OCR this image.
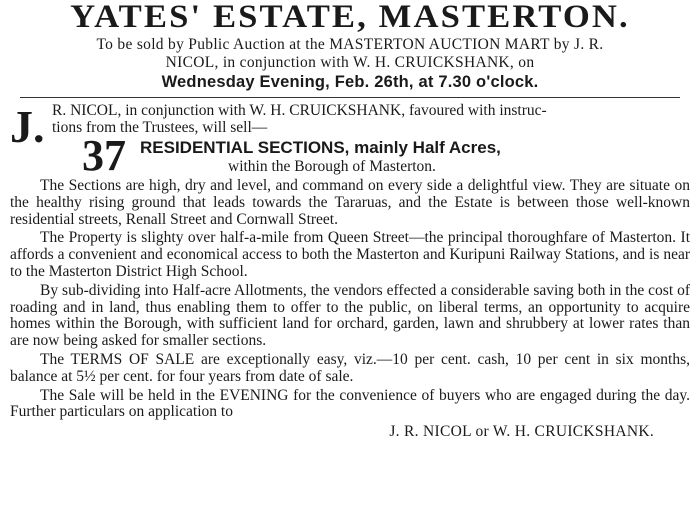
YATES' ESTATE, MASTERTON.
To be sold by Public Auction at the MASTERTON AUCTION MART by J. R.
NICOL, in conjunction with W. H. CRUICKSHANK, on
Wednesday Evening, Feb. 26th, at 7.30 o'clock.
J. R. NICOL, in conjunction with W. H. CRUICKSHANK, favoured with instruc-
tions from the Trustees, will sell—
37 RESIDENTIAL SECTIONS, mainly Half Acres,
within the Borough of Masterton.

The Sections are high, dry and level, and command on every side a delightful view. They are situate on the healthy rising ground that leads towards the Tararuas, and the Estate is between those well-known residential streets, Renall Street and Cornwall Street.

The Property is slighty over half-a-mile from Queen Street—the principal thoroughfare of Masterton. It affords a convenient and economical access to both the Masterton and Kuripuni Railway Stations, and is near to the Masterton District High School.

By sub-dividing into Half-acre Allotments, the vendors effected a considerable saving both in the cost of roading and in land, thus enabling them to offer to the public, on liberal terms, an opportunity to acquire homes within the Borough, with sufficient land for orchard, garden, lawn and shrubbery at lower rates than are now being asked for smaller sections.

The TERMS OF SALE are exceptionally easy, viz.—10 per cent. cash, 10 per cent in six months, balance at 5½ per cent. for four years from date of sale.

The Sale will be held in the EVENING for the convenience of buyers who are engaged during the day. Further particulars on application to

J. R. NICOL or W. H. CRUICKSHANK.
